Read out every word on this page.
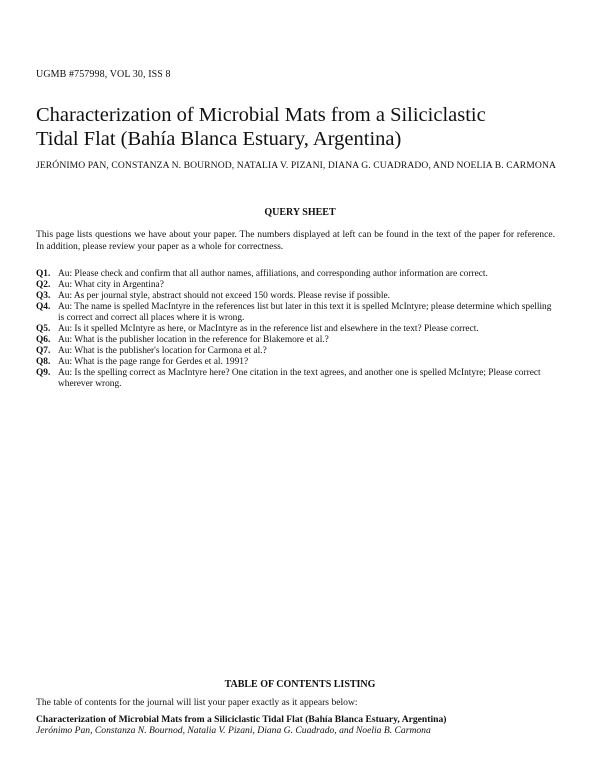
UGMB #757998, VOL 30, ISS 8
Characterization of Microbial Mats from a Siliciclastic
Tidal Flat (Bahía Blanca Estuary, Argentina)
JERÓNIMO PAN, CONSTANZA N. BOURNOD, NATALIA V. PIZANI, DIANA G. CUADRADO, AND NOELIA B. CARMONA
QUERY SHEET
This page lists questions we have about your paper. The numbers displayed at left can be found in the text of the paper for reference. In addition, please review your paper as a whole for correctness.
Q1. Au: Please check and confirm that all author names, affiliations, and corresponding author information are correct.
Q2. Au: What city in Argentina?
Q3. Au: As per journal style, abstract should not exceed 150 words. Please revise if possible.
Q4. Au: The name is spelled MacIntyre in the references list but later in this text it is spelled McIntyre; please determine which spelling is correct and correct all places where it is wrong.
Q5. Au: Is it spelled McIntyre as here, or MacIntyre as in the reference list and elsewhere in the text? Please correct.
Q6. Au: What is the publisher location in the reference for Blakemore et al.?
Q7. Au: What is the publisher's location for Carmona et al.?
Q8. Au: What is the page range for Gerdes et al. 1991?
Q9. Au: Is the spelling correct as MacIntyre here? One citation in the text agrees, and another one is spelled McIntyre; Please correct wherever wrong.
TABLE OF CONTENTS LISTING
The table of contents for the journal will list your paper exactly as it appears below:
Characterization of Microbial Mats from a Siliciclastic Tidal Flat (Bahía Blanca Estuary, Argentina)
Jerónimo Pan, Constanza N. Bournod, Natalia V. Pizani, Diana G. Cuadrado, and Noelia B. Carmona
